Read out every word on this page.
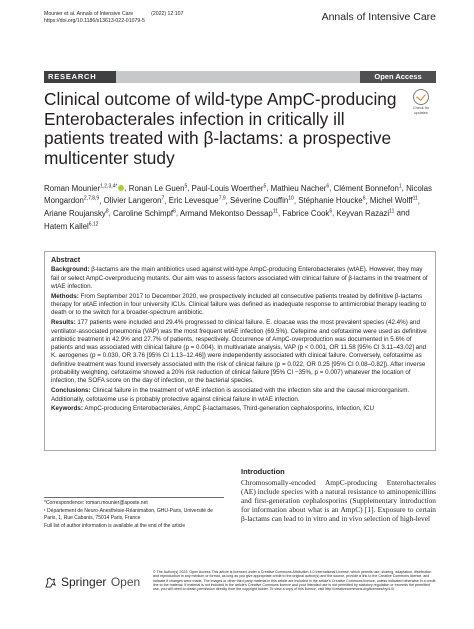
Mounier et al. Annals of Intensive Care	(2022) 12:107
https://doi.org/10.1186/s13613-022-01079-5	Annals of Intensive Care
RESEARCH	Open Access
Clinical outcome of wild-type AmpC-producing Enterobacterales infection in critically ill patients treated with β-lactams: a prospective multicenter study
Check for updates
Roman Mounier$^{1,2,3,4*}$ , Ronan Le Guen$^5$, Paul-Louis Woerther$^5$, Mathieu Nacher$^6$, Clément Bonnefon$^1$, Nicolas Mongardon$^{2,7,8,9}$, Olivier Langeron$^7$, Eric Levesque$^{7,9}$, Séverine Couffin$^{10}$, Stéphanie Houcke$^6$, Michel Wolff$^{11}$, Ariane Roujansky$^8$, Caroline Schimpf$^6$, Armand Mekontso Dessap$^{11}$, Fabrice Cook$^6$, Keyvan Razazi$^{11}$ and Hatem Kallel$^{6,12}$
Abstract

Background: β-lactams are the main antibiotics used against wild-type AmpC-producing Enterobacterales (wtAE). However, they may fail or select AmpC-overproducing mutants. Our aim was to assess factors associated with clinical failure of β-lactams in the treatment of wtAE infection.

Methods: From September 2017 to December 2020, we prospectively included all consecutive patients treated by definitive β-lactams therapy for wtAE infection in four university ICUs. Clinical failure was defined as inadequate response to antimicrobial therapy leading to death or to the switch for a broader-spectrum antibiotic.

Results: 177 patients were included and 29.4% progressed to clinical failure. E. cloacae was the most prevalent species (42.4%) and ventilator-associated pneumonia (VAP) was the most frequent wtAE infection (69.5%). Cefepime and cefotaxime were used as definitive antibiotic treatment in 42.9% and 27.7% of patients, respectively. Occurrence of AmpC-overproduction was documented in 5.6% of patients and was associated with clinical failure (p = 0.004). In multivariate analysis, VAP (p < 0.001, OR 11.58 [95% CI 3.11–43.02] and K. aerogenes (p = 0.030, OR 3.76 [95% CI 1.13–12.46]) were independently associated with clinical failure. Conversely, cefotaxime as definitive treatment was found inversely associated with the risk of clinical failure (p = 0.022, OR 0.25 [95% CI 0.08–0.82]). After inverse probability weighting, cefotaxime showed a 20% risk reduction of clinical failure [95% CI −35%, p = 0.007) whatever the location of infection, the SOFA score on the day of infection, or the bacterial species.

Conclusions: Clinical failure in the treatment of wtAE infection is associated with the infection site and the causal microorganism. Additionally, cefotaxime use is probably protective against clinical failure in wtAE infection.

Keywords: AmpC-producing Enterobacterales, AmpC β-lactamases, Third-generation cephalosporins, Infection, ICU

*Correspondence: roman.mounier@aposte.net

¹ Département de Neuro-Anesthésie-Réanimation, GHU-Paris, Université de Paris, 1, Rue Cabanis, 75014 Paris, France

Full list of author information is available at the end of the article

Introduction

Chromosomally-encoded AmpC-producing Enterobacterales (AE) include species with a natural resistance to aminopenicillins and first-generation cephalosporins (Supplementary introduction for information about what is an AmpC) [1]. Exposure to certain β-lactams can lead to in vitro and in vivo selection of high-level

Springer
Open
© The Author(s) 2022. Open Access This article is licensed under a Creative Commons Attribution 4.0 International License, which permits use, sharing, adaptation, distribution and reproduction in any medium or format, as long as you give appropriate credit to the original author(s) and the source, provide a link to the Creative Commons licence, and indicate if changes were made. The images or other third party material in this article are included in the article's Creative Commons licence, unless indicated otherwise in a credit line to the material. If material is not included in the article's Creative Commons licence and your intended use is not permitted by statutory regulation or exceeds the permitted use, you will need to obtain permission directly from the copyright holder. To view a copy of this licence, visit http://creativecommons.org/licenses/by/4.0/.
